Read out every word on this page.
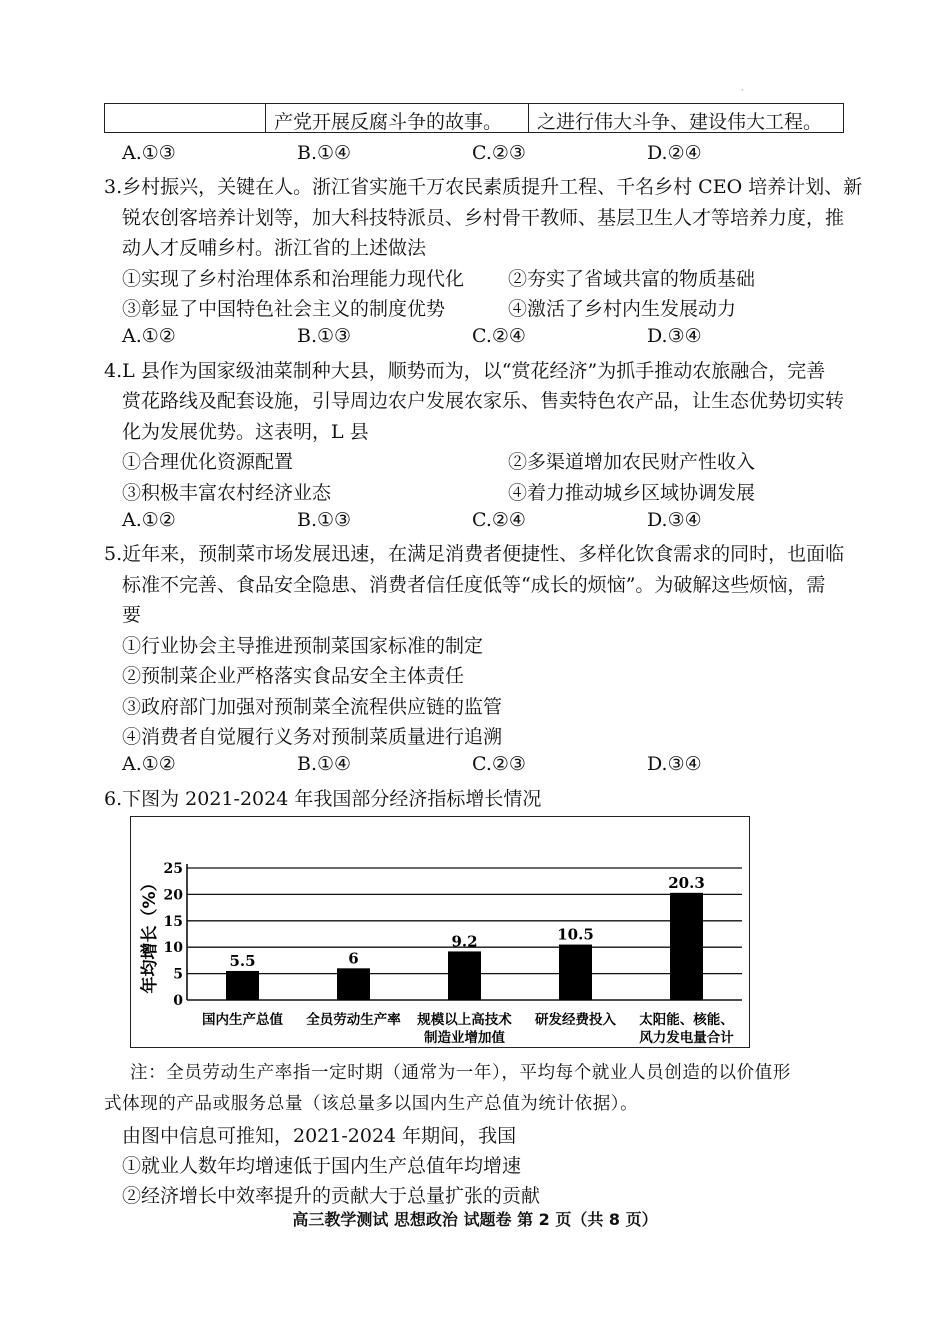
·
产党开展反腐斗争的故事。 之进行伟大斗争、建设伟大工程。
A.①③	B.①④	C.②③	D.②④
3.乡村振兴，关键在人。浙江省实施千万农民素质提升工程、千名乡村 CEO 培养计划、新
锐农创客培养计划等，加大科技特派员、乡村骨干教师、基层卫生人才等培养力度，推
动人才反哺乡村。浙江省的上述做法
①实现了乡村治理体系和治理能力现代化 ②夯实了省域共富的物质基础
③彰显了中国特色社会主义的制度优势	④激活了乡村内生发展动力
A.①②	B.①③	C.②④	D.③④
4.L 县作为国家级油菜制种大县，顺势而为，以“赏花经济”为抓手推动农旅融合，完善
赏花路线及配套设施，引导周边农户发展农家乐、售卖特色农产品，让生态优势切实转
化为发展优势。这表明，L 县
①合理优化资源配置	②多渠道增加农民财产性收入
③积极丰富农村经济业态	④着力推动城乡区域协调发展
A.①②	B.①③	C.②④	D.③④
5.近年来，预制菜市场发展迅速，在满足消费者便捷性、多样化饮食需求的同时，也面临
标准不完善、食品安全隐患、消费者信任度低等“成长的烦恼”。为破解这些烦恼，需
要
①行业协会主导推进预制菜国家标准的制定
②预制菜企业严格落实食品安全主体责任
③政府部门加强对预制菜全流程供应链的监管
④消费者自觉履行义务对预制菜质量进行追溯
A.①②	B.①④	C.②③	D.③④
6.下图为 2021-2024 年我国部分经济指标增长情况
0
5
10
15
20
25
年均增长（%）	5.5
国内生产总值
6
全员劳动生产率
9.2
规模以上高技术
制造业增加值
10.5
研发经费投入
20.3
太阳能、核能、
风力发电量合计
注：全员劳动生产率指一定时期（通常为一年），平均每个就业人员创造的以价值形
式体现的产品或服务总量（该总量多以国内生产总值为统计依据）。
由图中信息可推知，2021-2024 年期间，我国
①就业人数年均增速低于国内生产总值年均增速
②经济增长中效率提升的贡献大于总量扩张的贡献
高三教学测试 思想政治 试题卷 第 2 页（共 8 页）
